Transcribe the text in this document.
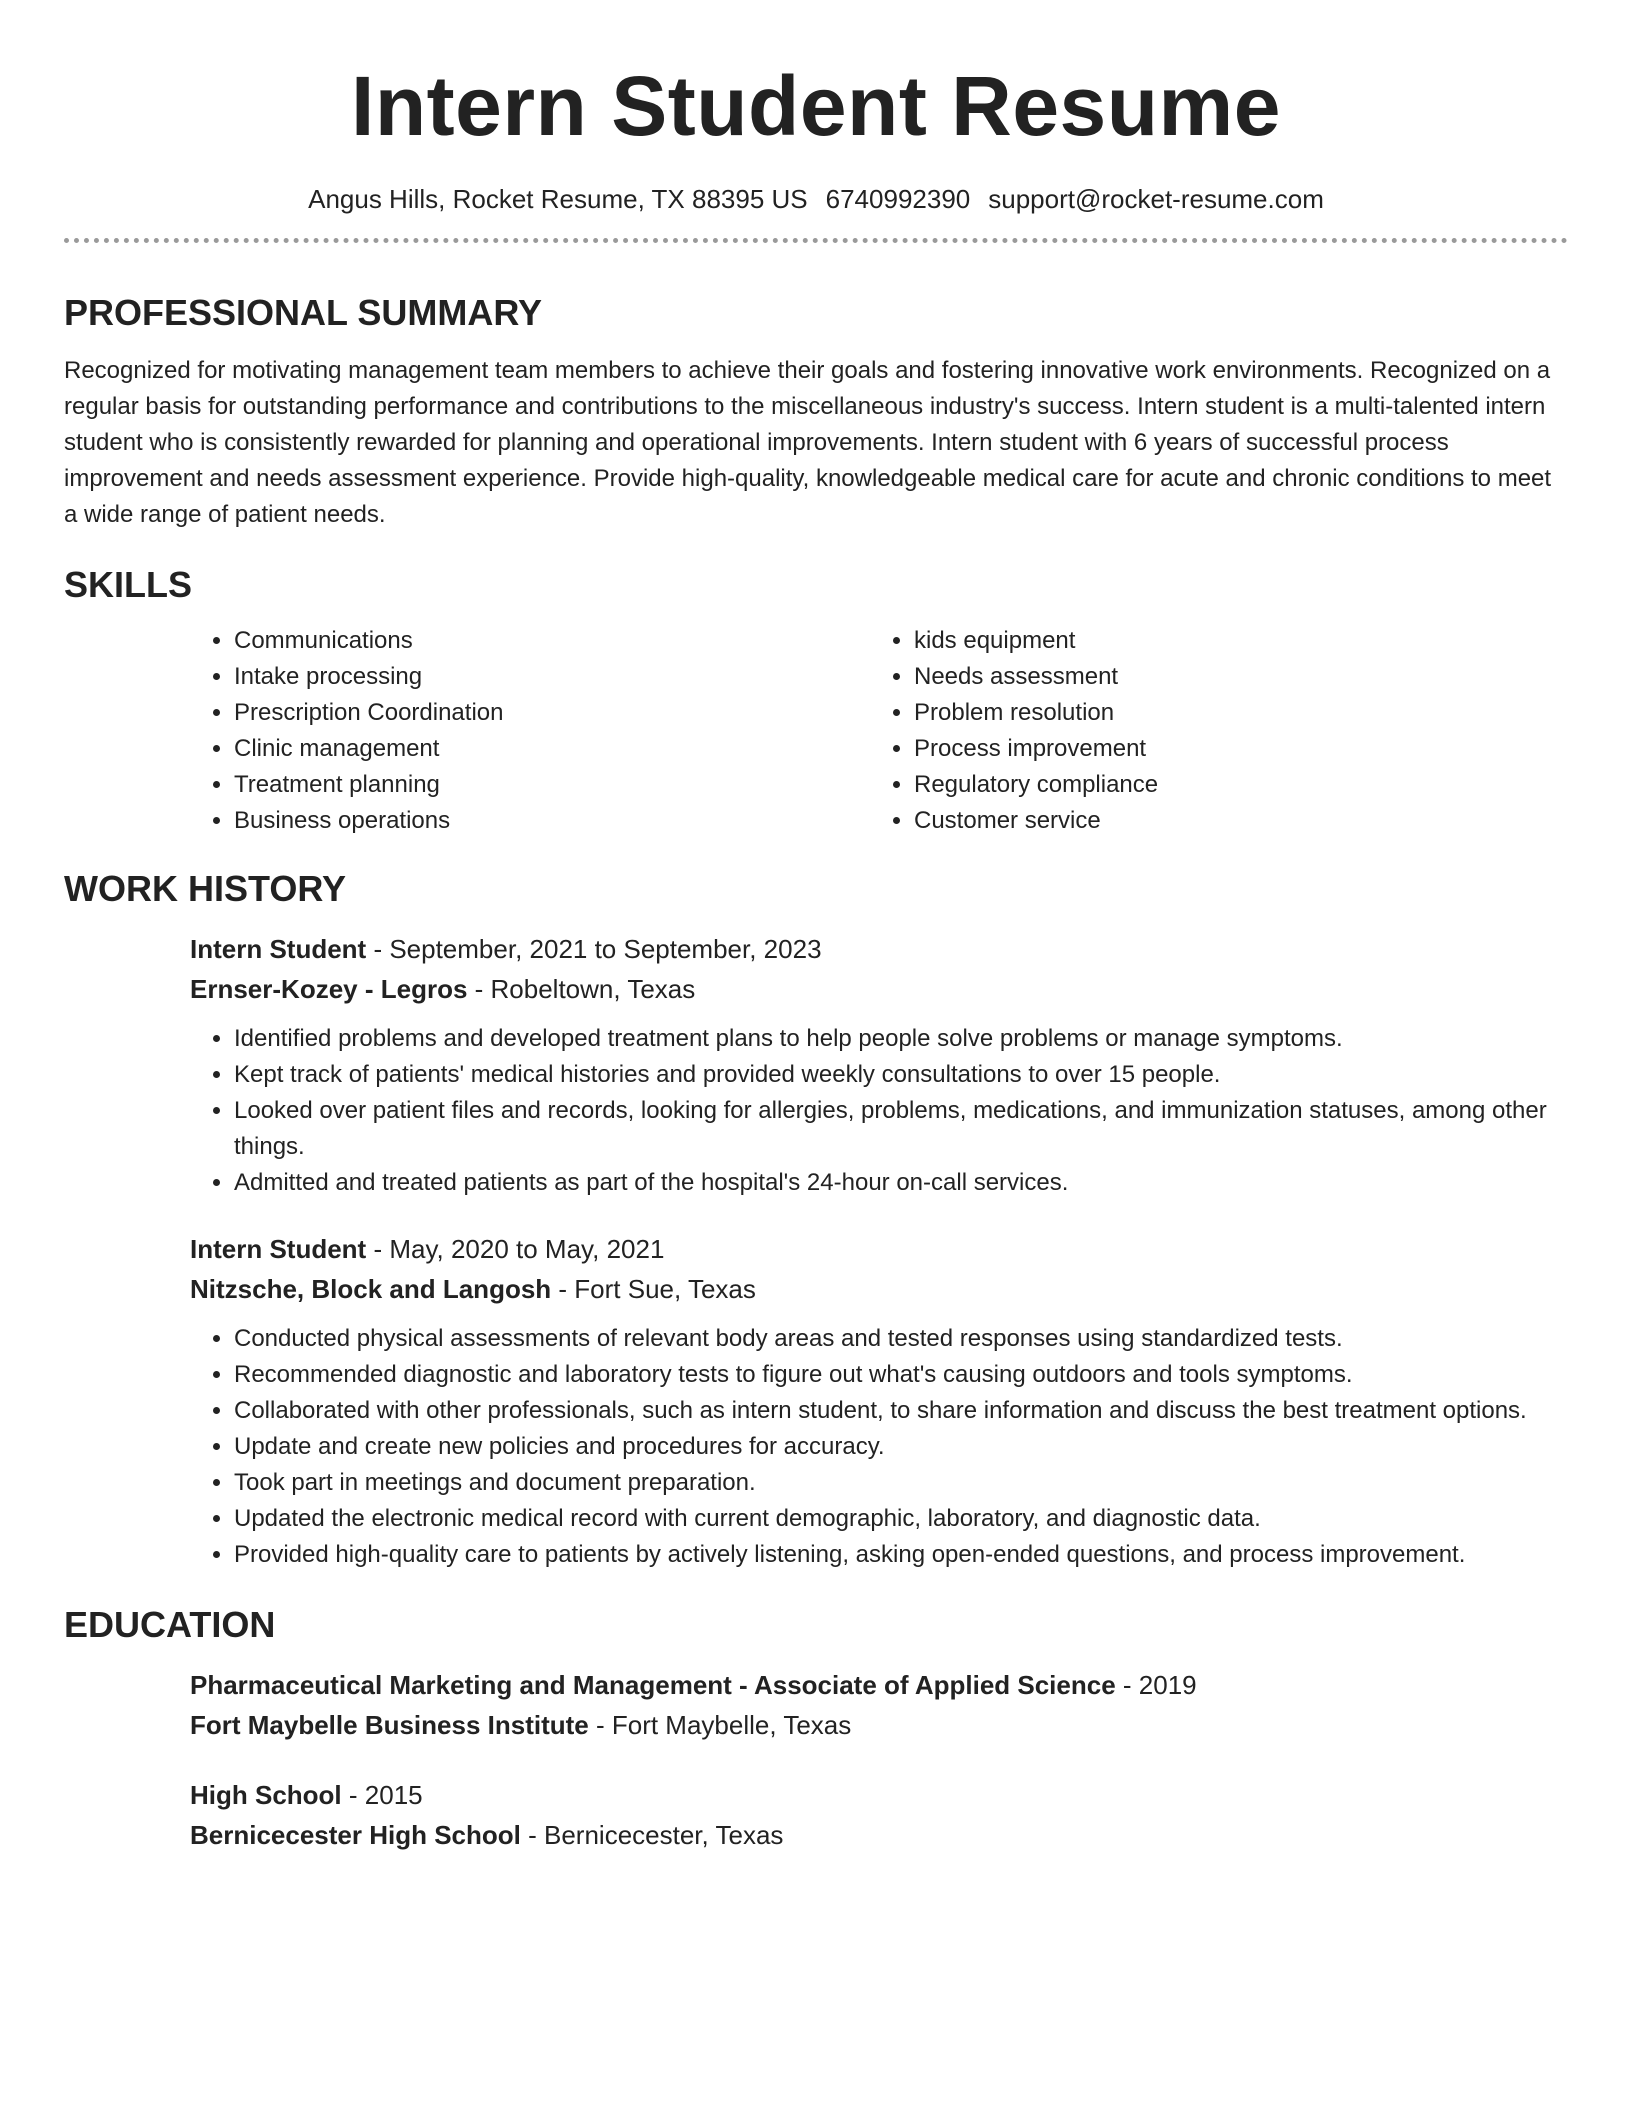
Intern Student Resume
Angus Hills, Rocket Resume, TX 88395 US 6740992390 support@rocket-resume.com
PROFESSIONAL SUMMARY

Recognized for motivating management team members to achieve their goals and fostering innovative work environments. Recognized on a regular basis for outstanding performance and contributions to the miscellaneous industry's success. Intern student is a multi-talented intern student who is consistently rewarded for planning and operational improvements. Intern student with 6 years of successful process improvement and needs assessment experience. Provide high-quality, knowledgeable medical care for acute and chronic conditions to meet a wide range of patient needs.

SKILLS
• Communications
• Intake processing
• Prescription Coordination
• Clinic management
• Treatment planning
• Business operations
• kids equipment
• Needs assessment
• Problem resolution
• Process improvement
• Regulatory compliance
• Customer service
WORK HISTORY
Intern Student - September, 2021 to September, 2023
Ernser-Kozey - Legros - Robeltown, Texas
• Identified problems and developed treatment plans to help people solve problems or manage symptoms.
• Kept track of patients' medical histories and provided weekly consultations to over 15 people.
• Looked over patient files and records, looking for allergies, problems, medications, and immunization statuses, among other things.
• Admitted and treated patients as part of the hospital's 24-hour on-call services.
Intern Student - May, 2020 to May, 2021
Nitzsche, Block and Langosh - Fort Sue, Texas
• Conducted physical assessments of relevant body areas and tested responses using standardized tests.
• Recommended diagnostic and laboratory tests to figure out what's causing outdoors and tools symptoms.
• Collaborated with other professionals, such as intern student, to share information and discuss the best treatment options.
• Update and create new policies and procedures for accuracy.
• Took part in meetings and document preparation.
• Updated the electronic medical record with current demographic, laboratory, and diagnostic data.
• Provided high-quality care to patients by actively listening, asking open-ended questions, and process improvement.
EDUCATION
Pharmaceutical Marketing and Management - Associate of Applied Science - 2019
Fort Maybelle Business Institute - Fort Maybelle, Texas
High School - 2015
Bernicecester High School - Bernicecester, Texas
